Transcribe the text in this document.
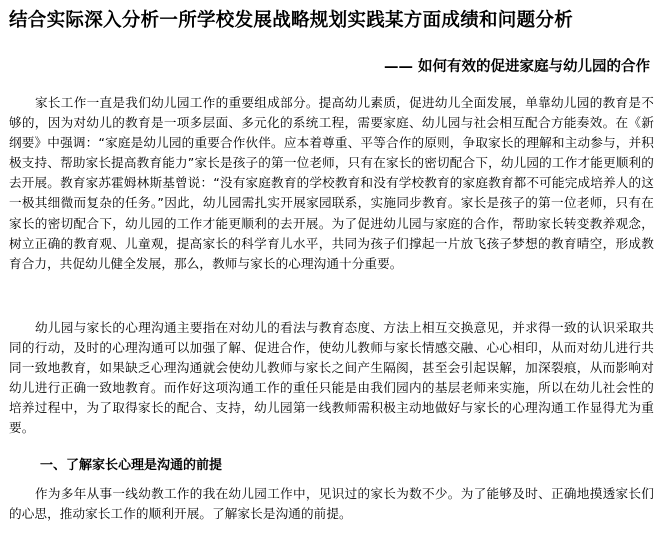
结合实际深入分析一所学校发展战略规划实践某方面成绩和问题分析
—— 如何有效的促进家庭与幼儿园的合作

家长工作一直是我们幼儿园工作的重要组成部分。提高幼儿素质，促进幼儿全面发展，单靠幼儿园的教育是不够的，因为对幼儿的教育是一项多层面、多元化的系统工程，需要家庭、幼儿园与社会相互配合方能奏效。在《新纲要》中强调：“家庭是幼儿园的重要合作伙伴。应本着尊重、平等合作的原则，争取家长的理解和主动参与，并积极支持、帮助家长提高教育能力”家长是孩子的第一位老师，只有在家长的密切配合下，幼儿园的工作才能更顺利的去开展。教育家苏霍姆林斯基曾说：“没有家庭教育的学校教育和没有学校教育的家庭教育都不可能完成培养人的这一极其细微而复杂的任务。”因此，幼儿园需扎实开展家园联系，实施同步教育。家长是孩子的第一位老师，只有在家长的密切配合下，幼儿园的工作才能更顺利的去开展。为了促进幼儿园与家庭的合作，帮助家长转变教养观念，树立正确的教育观、儿童观，提高家长的科学育儿水平，共同为孩子们撑起一片放飞孩子梦想的教育晴空，形成教育合力，共促幼儿健全发展，那么，教师与家长的心理沟通十分重要。

幼儿园与家长的心理沟通主要指在对幼儿的看法与教育态度、方法上相互交换意见，并求得一致的认识采取共同的行动，及时的心理沟通可以加强了解、促进合作，使幼儿教师与家长情感交融、心心相印，从而对幼儿进行共同一致地教育，如果缺乏心理沟通就会使幼儿教师与家长之间产生隔阂，甚至会引起误解，加深裂痕，从而影响对幼儿进行正确一致地教育。而作好这项沟通工作的重任只能是由我们园内的基层老师来实施，所以在幼儿社会性的培养过程中，为了取得家长的配合、支持，幼儿园第一线教师需积极主动地做好与家长的心理沟通工作显得尤为重要。

一、了解家长心理是沟通的前提

作为多年从事一线幼教工作的我在幼儿园工作中，见识过的家长为数不少。为了能够及时、正确地摸透家长们的心思，推动家长工作的顺利开展。了解家长是沟通的前提。
